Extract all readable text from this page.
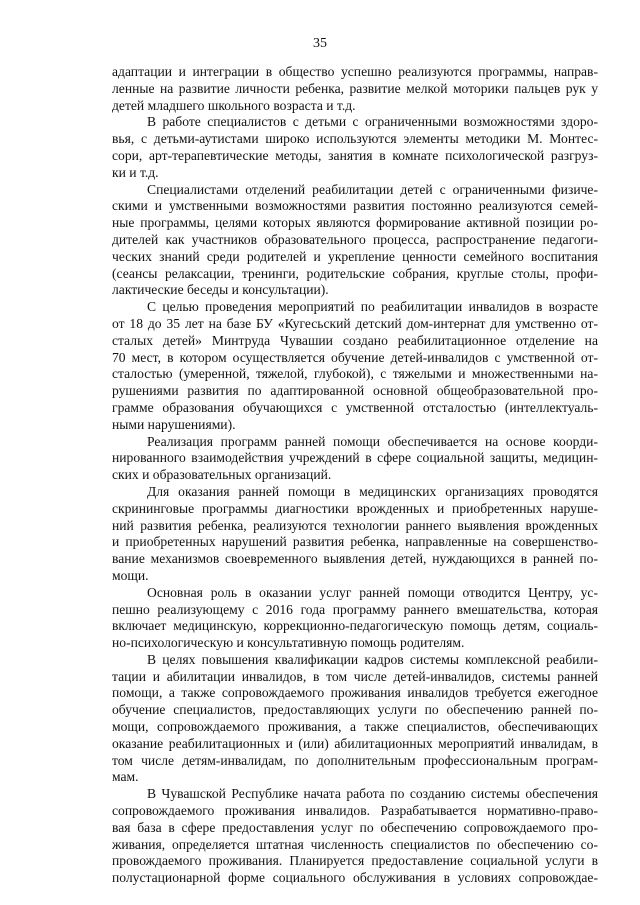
35
адаптации и интеграции в общество успешно реализуются программы, направ-
ленные на развитие личности ребенка, развитие мелкой моторики пальцев рук у
детей младшего школьного возраста и т.д.
В работе специалистов с детьми с ограниченными возможностями здоро-
вья, с детьми-аутистами широко используются элементы методики М. Монтес-
сори, арт-терапевтические методы, занятия в комнате психологической разгруз-
ки и т.д.
Специалистами отделений реабилитации детей с ограниченными физиче-
скими и умственными возможностями развития постоянно реализуются семей-
ные программы, целями которых являются формирование активной позиции ро-
дителей как участников образовательного процесса, распространение педагоги-
ческих знаний среди родителей и укрепление ценности семейного воспитания
(сеансы релаксации, тренинги, родительские собрания, круглые столы, профи-
лактические беседы и консультации).
С целью проведения мероприятий по реабилитации инвалидов в возрасте
от 18 до 35 лет на базе БУ «Кугесьский детский дом-интернат для умственно от-
сталых детей» Минтруда Чувашии создано реабилитационное отделение на
70 мест, в котором осуществляется обучение детей-инвалидов с умственной от-
сталостью (умеренной, тяжелой, глубокой), с тяжелыми и множественными на-
рушениями развития по адаптированной основной общеобразовательной про-
грамме образования обучающихся с умственной отсталостью (интеллектуаль-
ными нарушениями).
Реализация программ ранней помощи обеспечивается на основе коорди-
нированного взаимодействия учреждений в сфере социальной защиты, медицин-
ских и образовательных организаций.
Для оказания ранней помощи в медицинских организациях проводятся
скрининговые программы диагностики врожденных и приобретенных наруше-
ний развития ребенка, реализуются технологии раннего выявления врожденных
и приобретенных нарушений развития ребенка, направленные на совершенство-
вание механизмов своевременного выявления детей, нуждающихся в ранней по-
мощи.
Основная роль в оказании услуг ранней помощи отводится Центру, ус-
пешно реализующему с 2016 года программу раннего вмешательства, которая
включает медицинскую, коррекционно-педагогическую помощь детям, социаль-
но-психологическую и консультативную помощь родителям.
В целях повышения квалификации кадров системы комплексной реабили-
тации и абилитации инвалидов, в том числе детей-инвалидов, системы ранней
помощи, а также сопровождаемого проживания инвалидов требуется ежегодное
обучение специалистов, предоставляющих услуги по обеспечению ранней по-
мощи, сопровождаемого проживания, а также специалистов, обеспечивающих
оказание реабилитационных и (или) абилитационных мероприятий инвалидам, в
том числе детям-инвалидам, по дополнительным профессиональным програм-
мам.
В Чувашской Республике начата работа по созданию системы обеспечения
сопровождаемого проживания инвалидов. Разрабатывается нормативно-право-
вая база в сфере предоставления услуг по обеспечению сопровождаемого про-
живания, определяется штатная численность специалистов по обеспечению со-
провождаемого проживания. Планируется предоставление социальной услуги в
полустационарной форме социального обслуживания в условиях сопровождае-
